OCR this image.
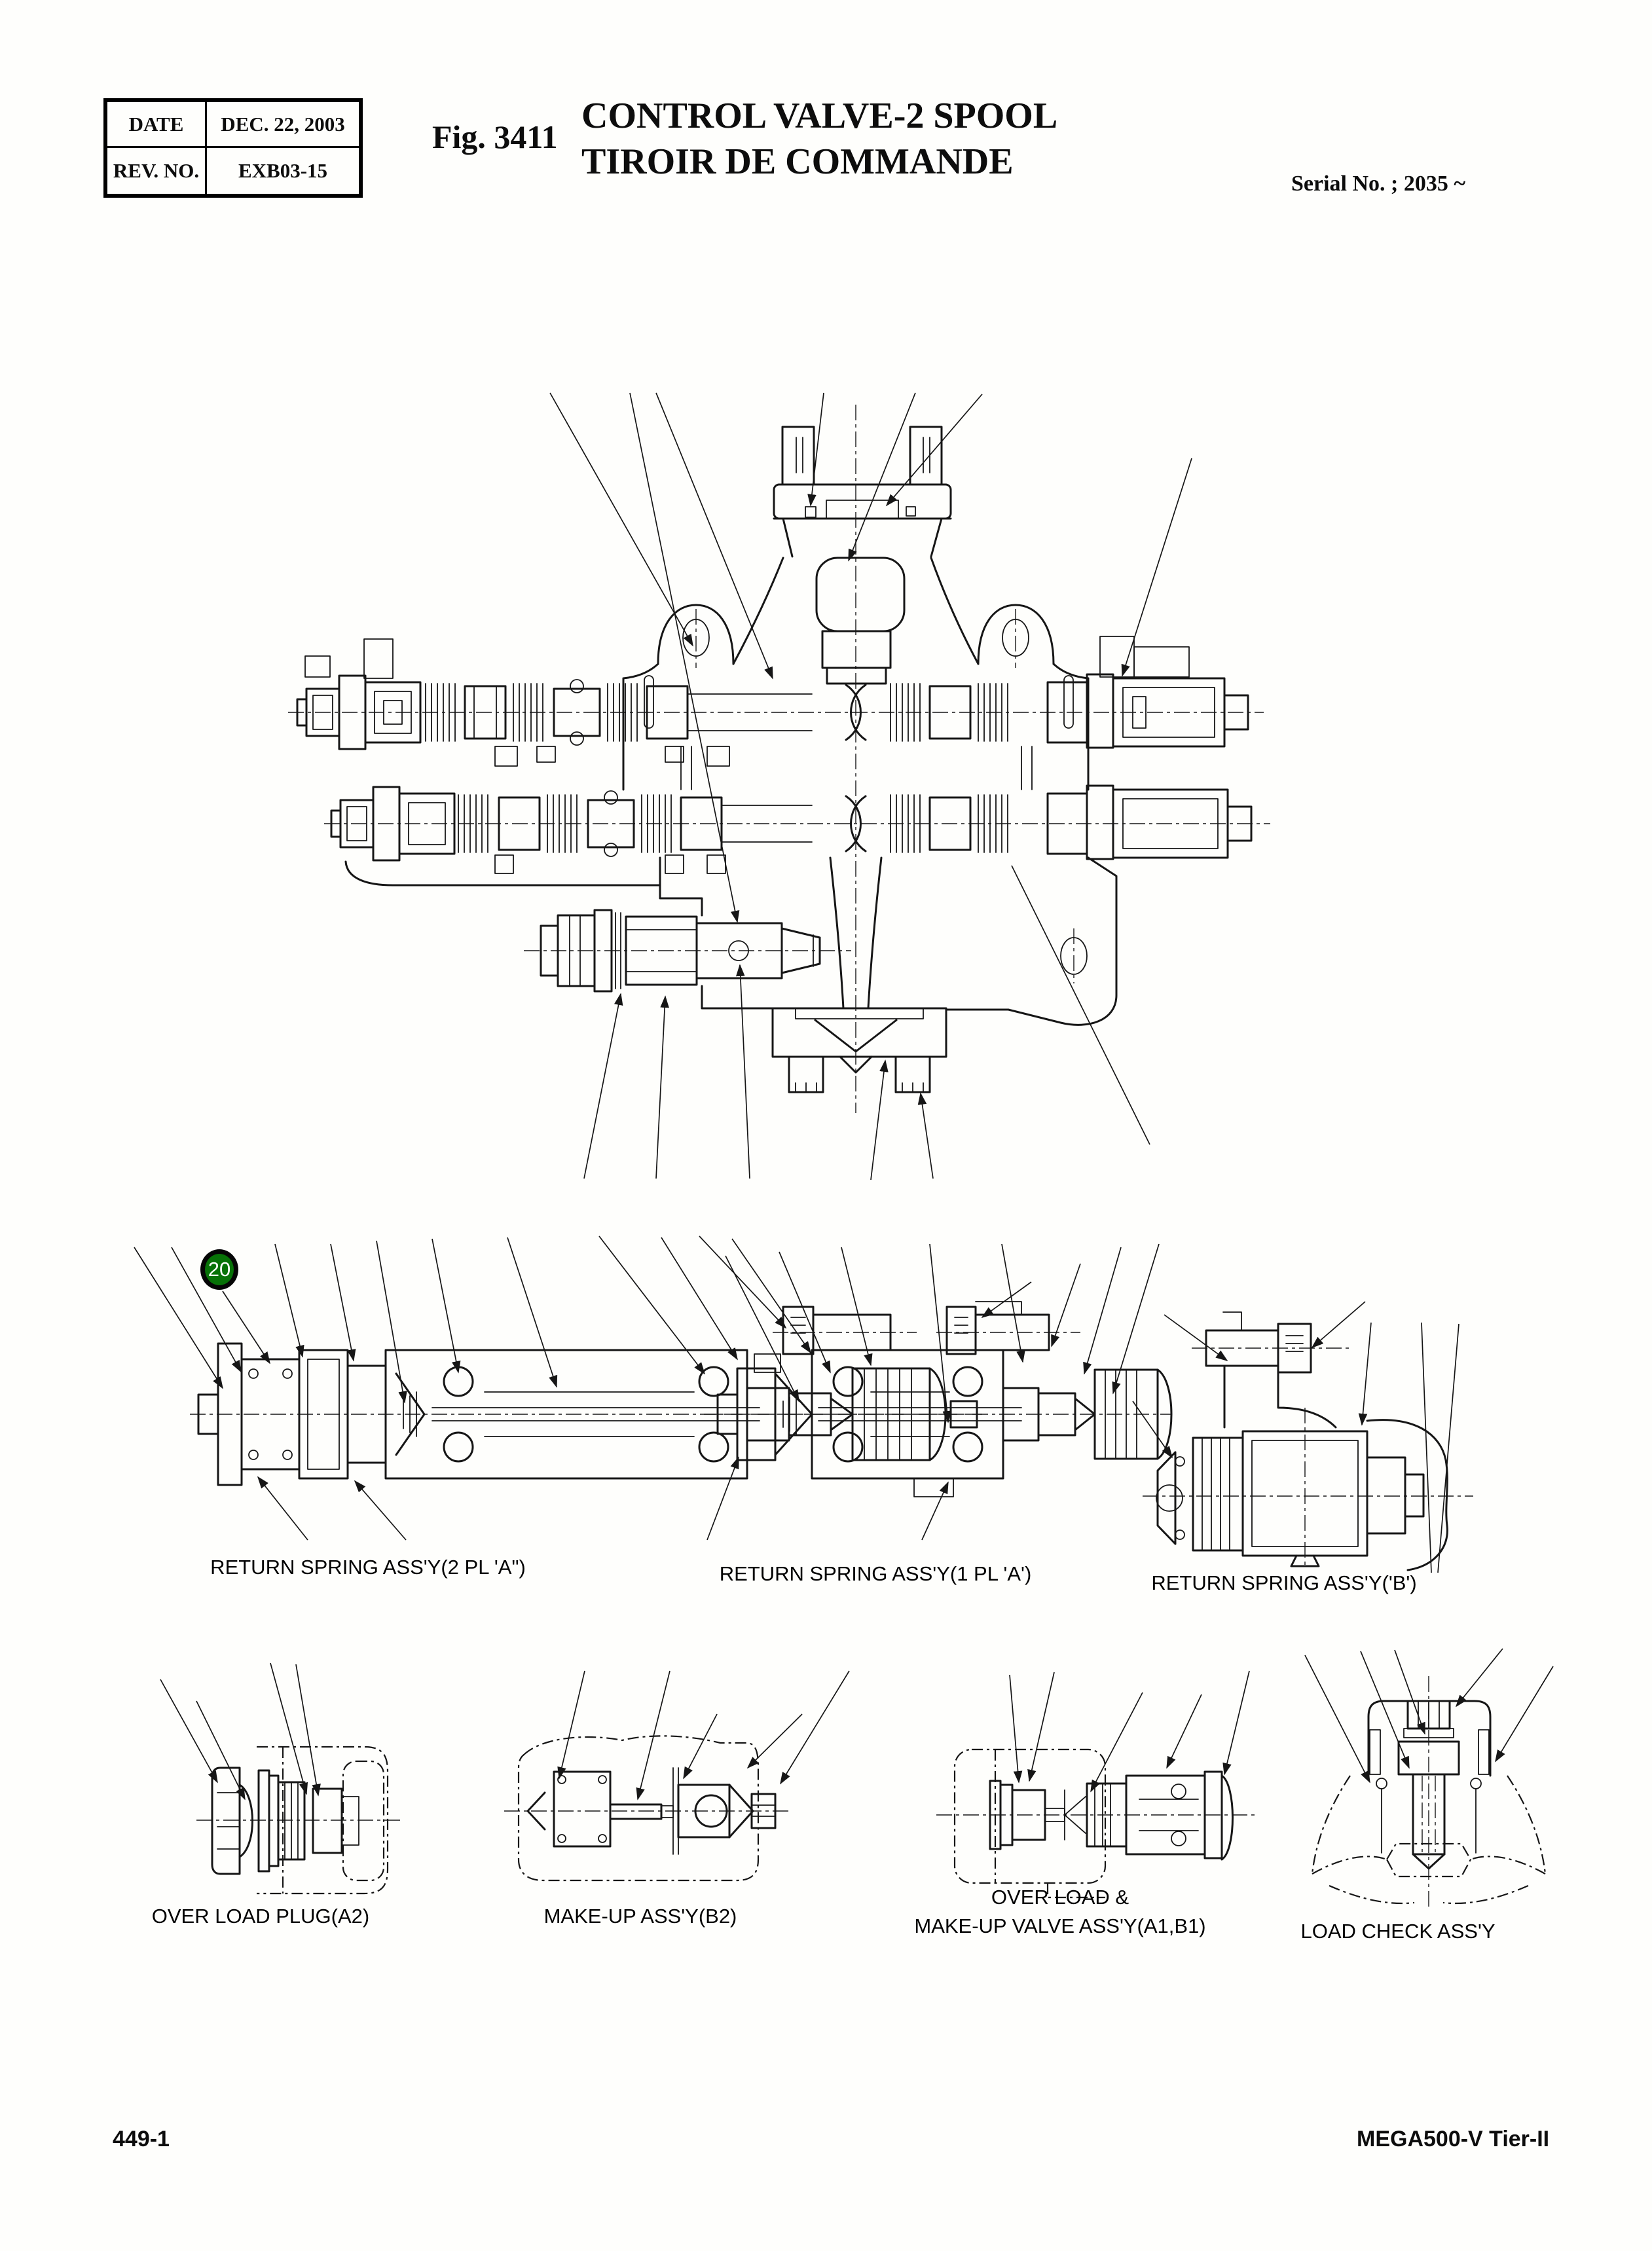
DATE	DEC. 22, 2003
REV. NO.	EXB03-15
Fig. 3411
CONTROL VALVE-2 SPOOL
TIROIR DE COMMANDE
Serial No. ; 2035 ~
20
RETURN SPRING ASS'Y(2 PL 'A")	RETURN SPRING ASS'Y(1 PL 'A')	RETURN SPRING ASS'Y('B')
OVER LOAD PLUG(A2)	MAKE-UP ASS'Y(B2)
OVER LOAD &
MAKE-UP VALVE ASS'Y(A1,B1)	LOAD CHECK ASS'Y
449-1	MEGA500-V Tier-II
